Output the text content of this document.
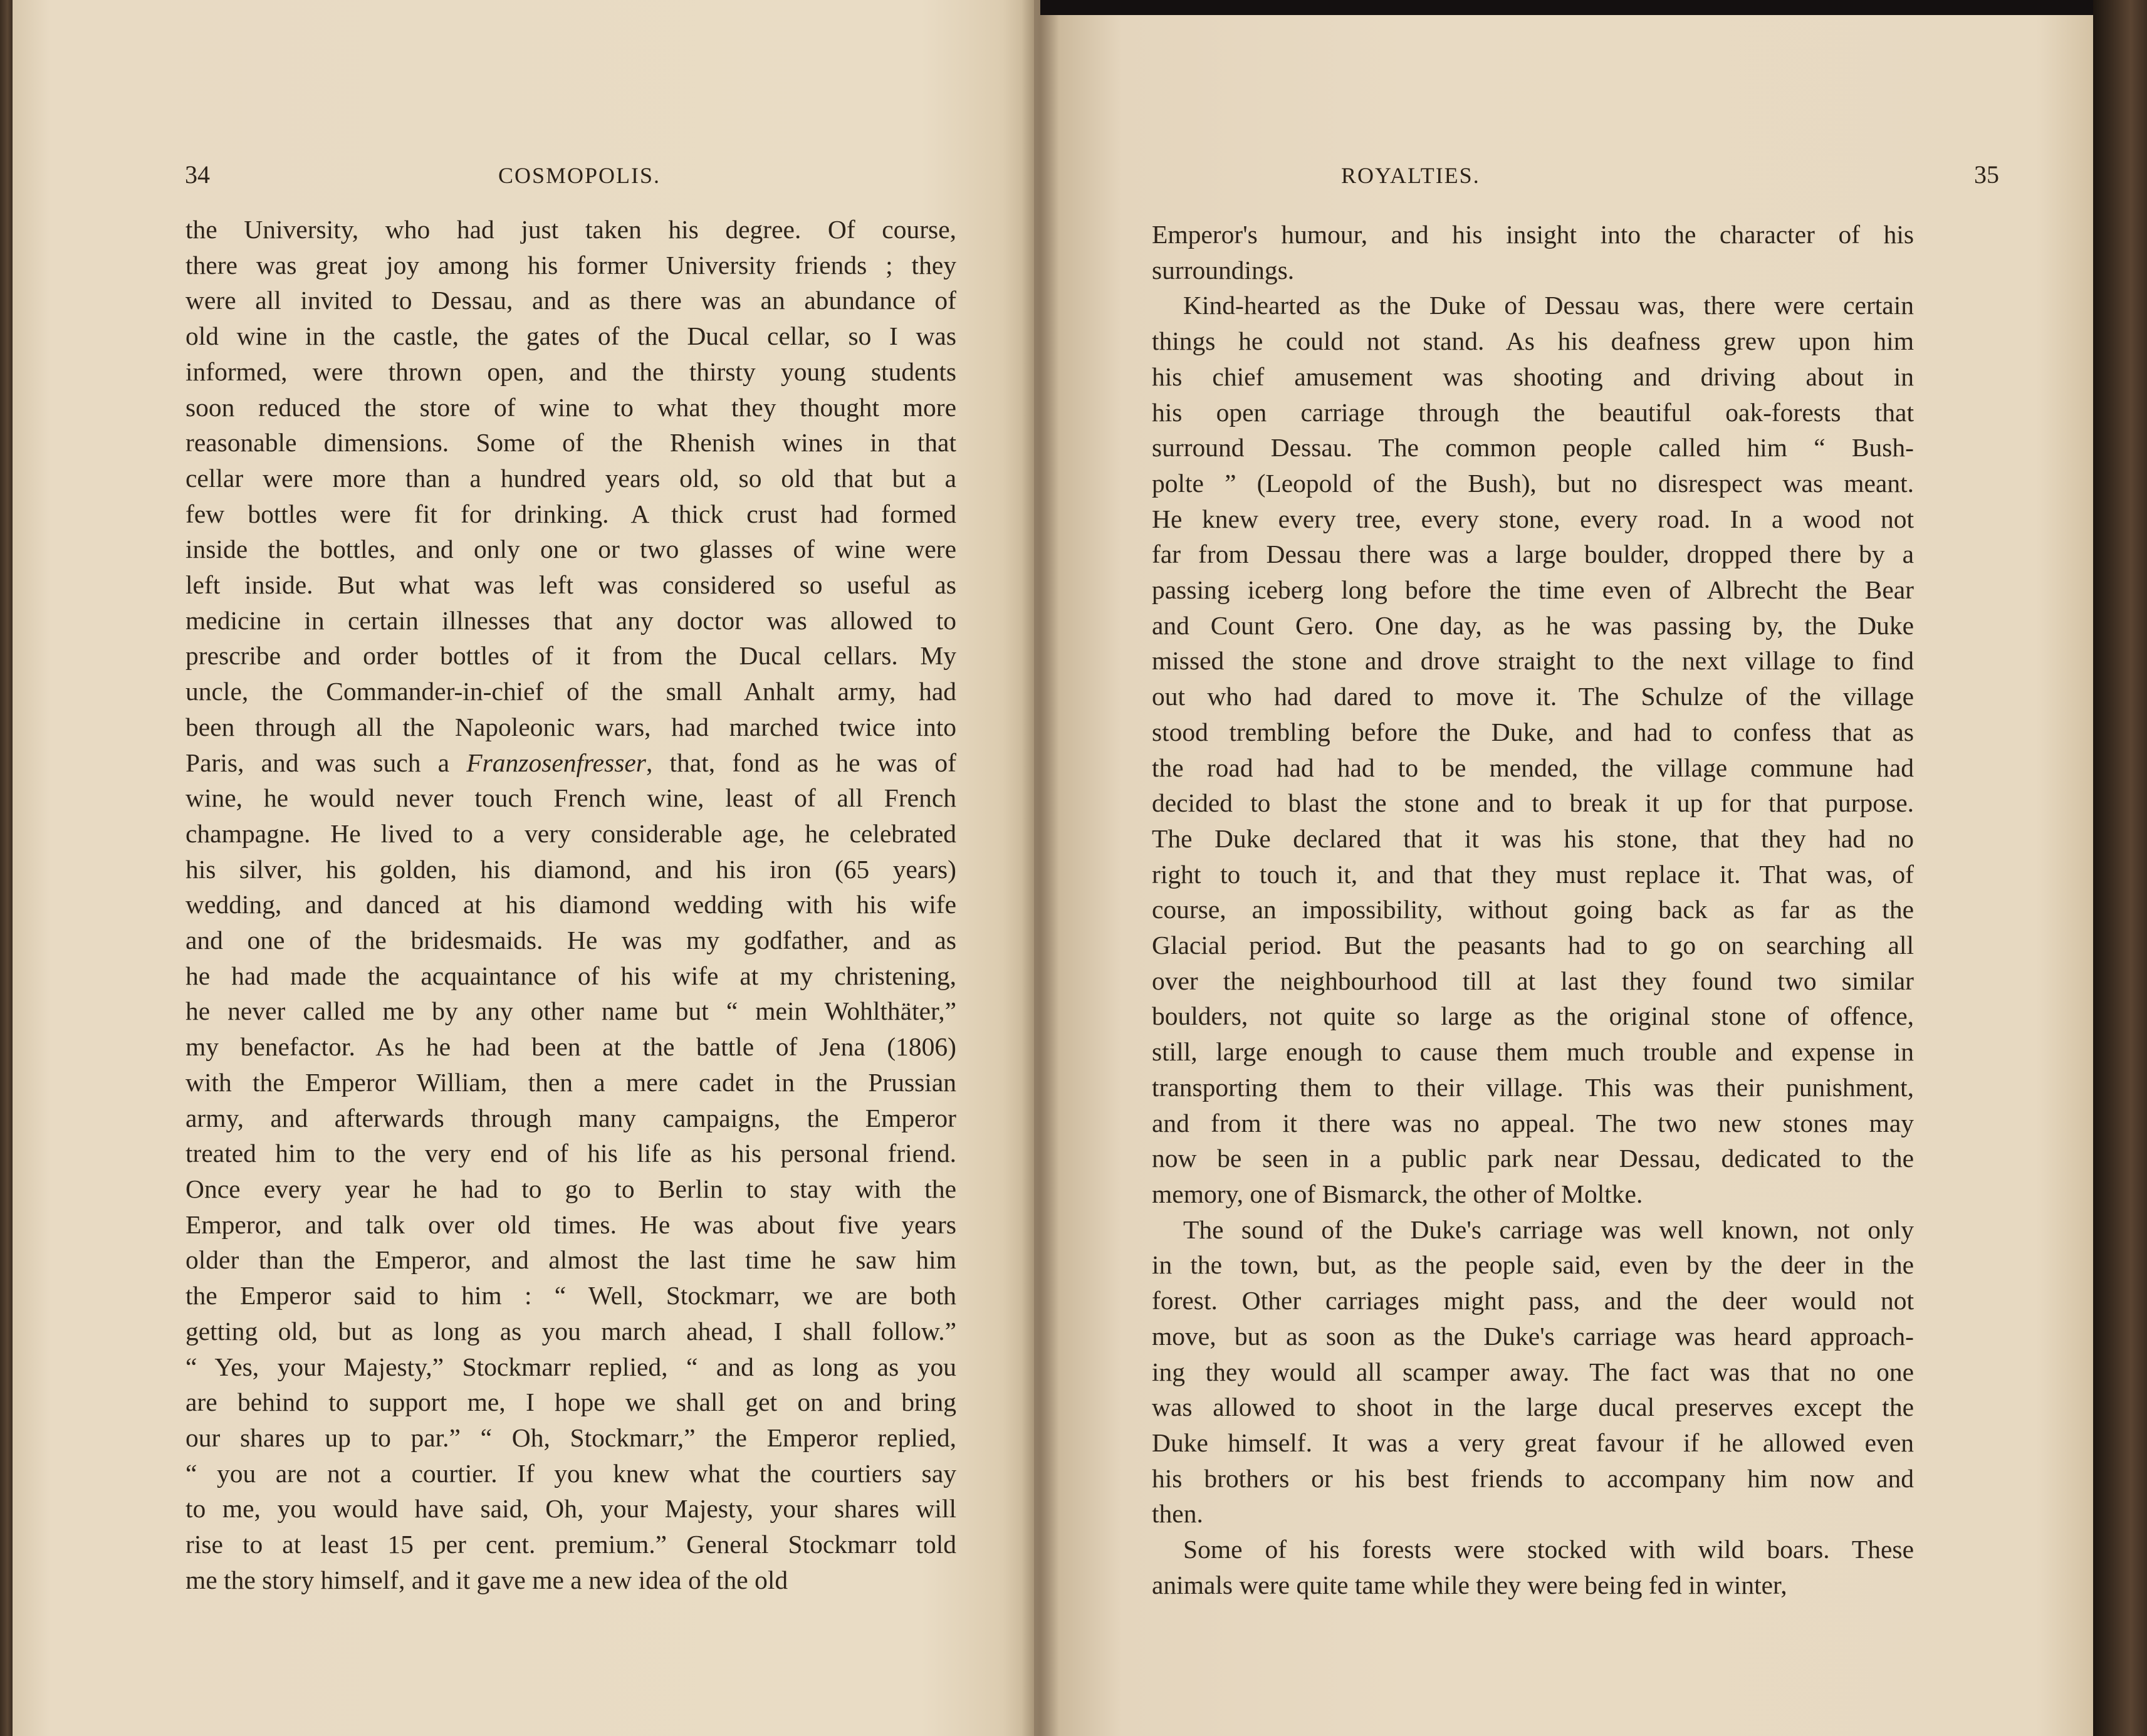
34	COSMOPOLIS.
the University, who had just taken his degree. Of course,
there was great joy among his former University friends ; they
were all invited to Dessau, and as there was an abundance of
old wine in the castle, the gates of the Ducal cellar, so I was
informed, were thrown open, and the thirsty young students
soon reduced the store of wine to what they thought more
reasonable dimensions. Some of the Rhenish wines in that
cellar were more than a hundred years old, so old that but a
few bottles were fit for drinking. A thick crust had formed
inside the bottles, and only one or two glasses of wine were
left inside. But what was left was considered so useful as
medicine in certain illnesses that any doctor was allowed to
prescribe and order bottles of it from the Ducal cellars. My
uncle, the Commander-in-chief of the small Anhalt army, had
been through all the Napoleonic wars, had marched twice into
Paris, and was such a Franzosenfresser, that, fond as he was of
wine, he would never touch French wine, least of all French
champagne. He lived to a very considerable age, he celebrated
his silver, his golden, his diamond, and his iron (65 years)
wedding, and danced at his diamond wedding with his wife
and one of the bridesmaids. He was my godfather, and as
he had made the acquaintance of his wife at my christening,
he never called me by any other name but “ mein Wohlthäter,”
my benefactor. As he had been at the battle of Jena (1806)
with the Emperor William, then a mere cadet in the Prussian
army, and afterwards through many campaigns, the Emperor
treated him to the very end of his life as his personal friend.
Once every year he had to go to Berlin to stay with the
Emperor, and talk over old times. He was about five years
older than the Emperor, and almost the last time he saw him
the Emperor said to him : “ Well, Stockmarr, we are both
getting old, but as long as you march ahead, I shall follow.”
“ Yes, your Majesty,” Stockmarr replied, “ and as long as you
are behind to support me, I hope we shall get on and bring
our shares up to par.” “ Oh, Stockmarr,” the Emperor replied,
“ you are not a courtier. If you knew what the courtiers say
to me, you would have said, Oh, your Majesty, your shares will
rise to at least 15 per cent. premium.” General Stockmarr told
me the story himself, and it gave me a new idea of the old
ROYALTIES.	35
Emperor's humour, and his insight into the character of his
surroundings.
Kind-hearted as the Duke of Dessau was, there were certain
things he could not stand. As his deafness grew upon him
his chief amusement was shooting and driving about in
his open carriage through the beautiful oak-forests that
surround Dessau. The common people called him “ Bush-
polte ” (Leopold of the Bush), but no disrespect was meant.
He knew every tree, every stone, every road. In a wood not
far from Dessau there was a large boulder, dropped there by a
passing iceberg long before the time even of Albrecht the Bear
and Count Gero. One day, as he was passing by, the Duke
missed the stone and drove straight to the next village to find
out who had dared to move it. The Schulze of the village
stood trembling before the Duke, and had to confess that as
the road had had to be mended, the village commune had
decided to blast the stone and to break it up for that purpose.
The Duke declared that it was his stone, that they had no
right to touch it, and that they must replace it. That was, of
course, an impossibility, without going back as far as the
Glacial period. But the peasants had to go on searching all
over the neighbourhood till at last they found two similar
boulders, not quite so large as the original stone of offence,
still, large enough to cause them much trouble and expense in
transporting them to their village. This was their punishment,
and from it there was no appeal. The two new stones may
now be seen in a public park near Dessau, dedicated to the
memory, one of Bismarck, the other of Moltke.
The sound of the Duke's carriage was well known, not only
in the town, but, as the people said, even by the deer in the
forest. Other carriages might pass, and the deer would not
move, but as soon as the Duke's carriage was heard approach-
ing they would all scamper away. The fact was that no one
was allowed to shoot in the large ducal preserves except the
Duke himself. It was a very great favour if he allowed even
his brothers or his best friends to accompany him now and
then.
Some of his forests were stocked with wild boars. These
animals were quite tame while they were being fed in winter,
